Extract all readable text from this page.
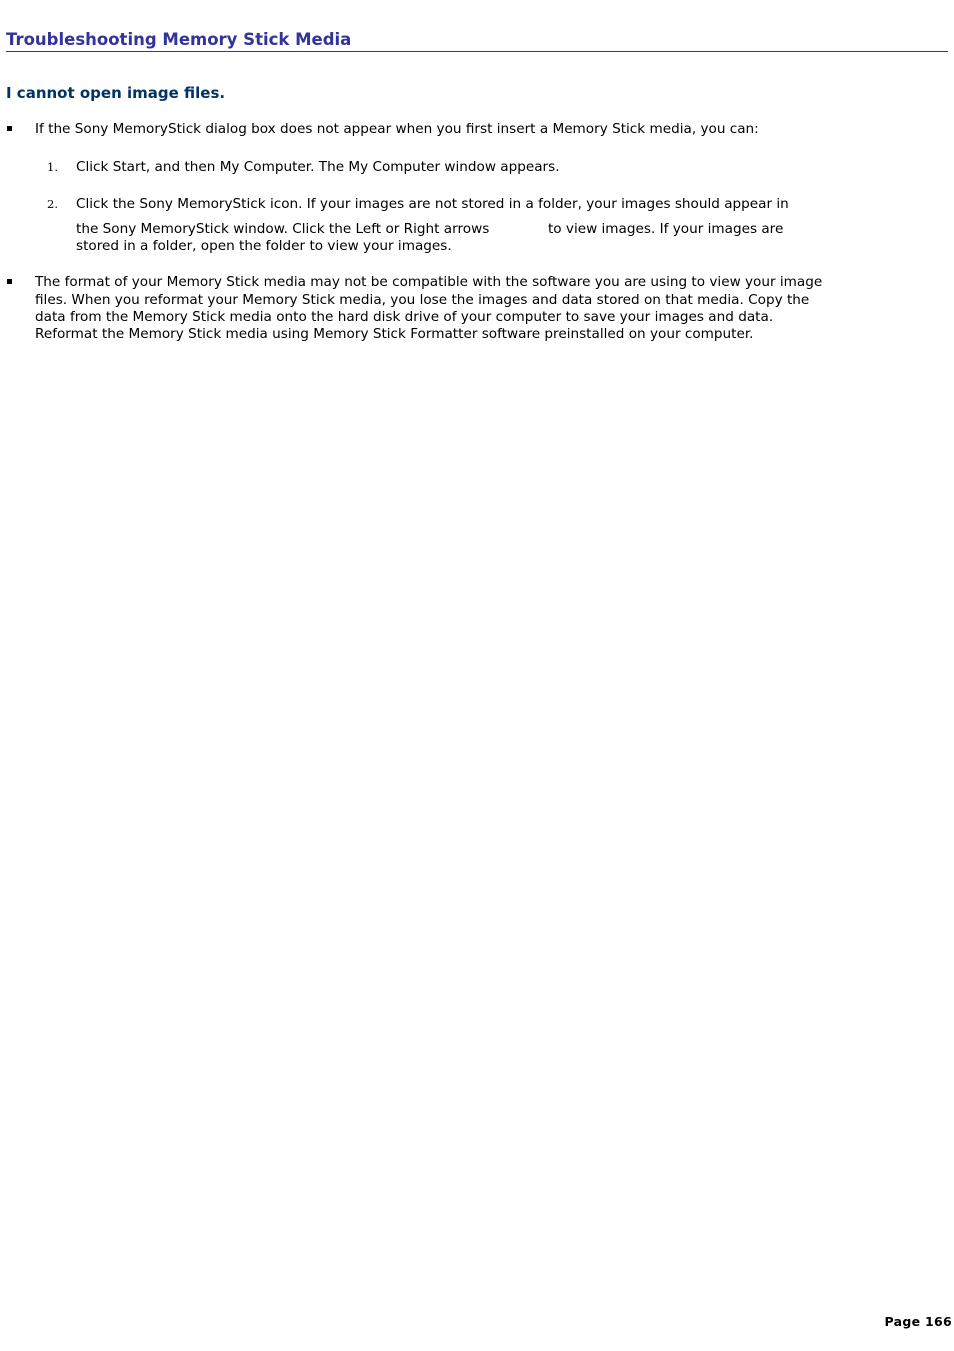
Troubleshooting Memory Stick Media
I cannot open image files.
If the Sony MemoryStick dialog box does not appear when you first insert a Memory Stick media, you can:
1. Click Start, and then My Computer. The My Computer window appears.
2. Click the Sony MemoryStick icon. If your images are not stored in a folder, your images should appear in
the Sony MemoryStick window. Click the Left or Right arrows	to view images. If your images are
stored in a folder, open the folder to view your images.
The format of your Memory Stick media may not be compatible with the software you are using to view your image
files. When you reformat your Memory Stick media, you lose the images and data stored on that media. Copy the
data from the Memory Stick media onto the hard disk drive of your computer to save your images and data.
Reformat the Memory Stick media using Memory Stick Formatter software preinstalled on your computer.
Page 166
